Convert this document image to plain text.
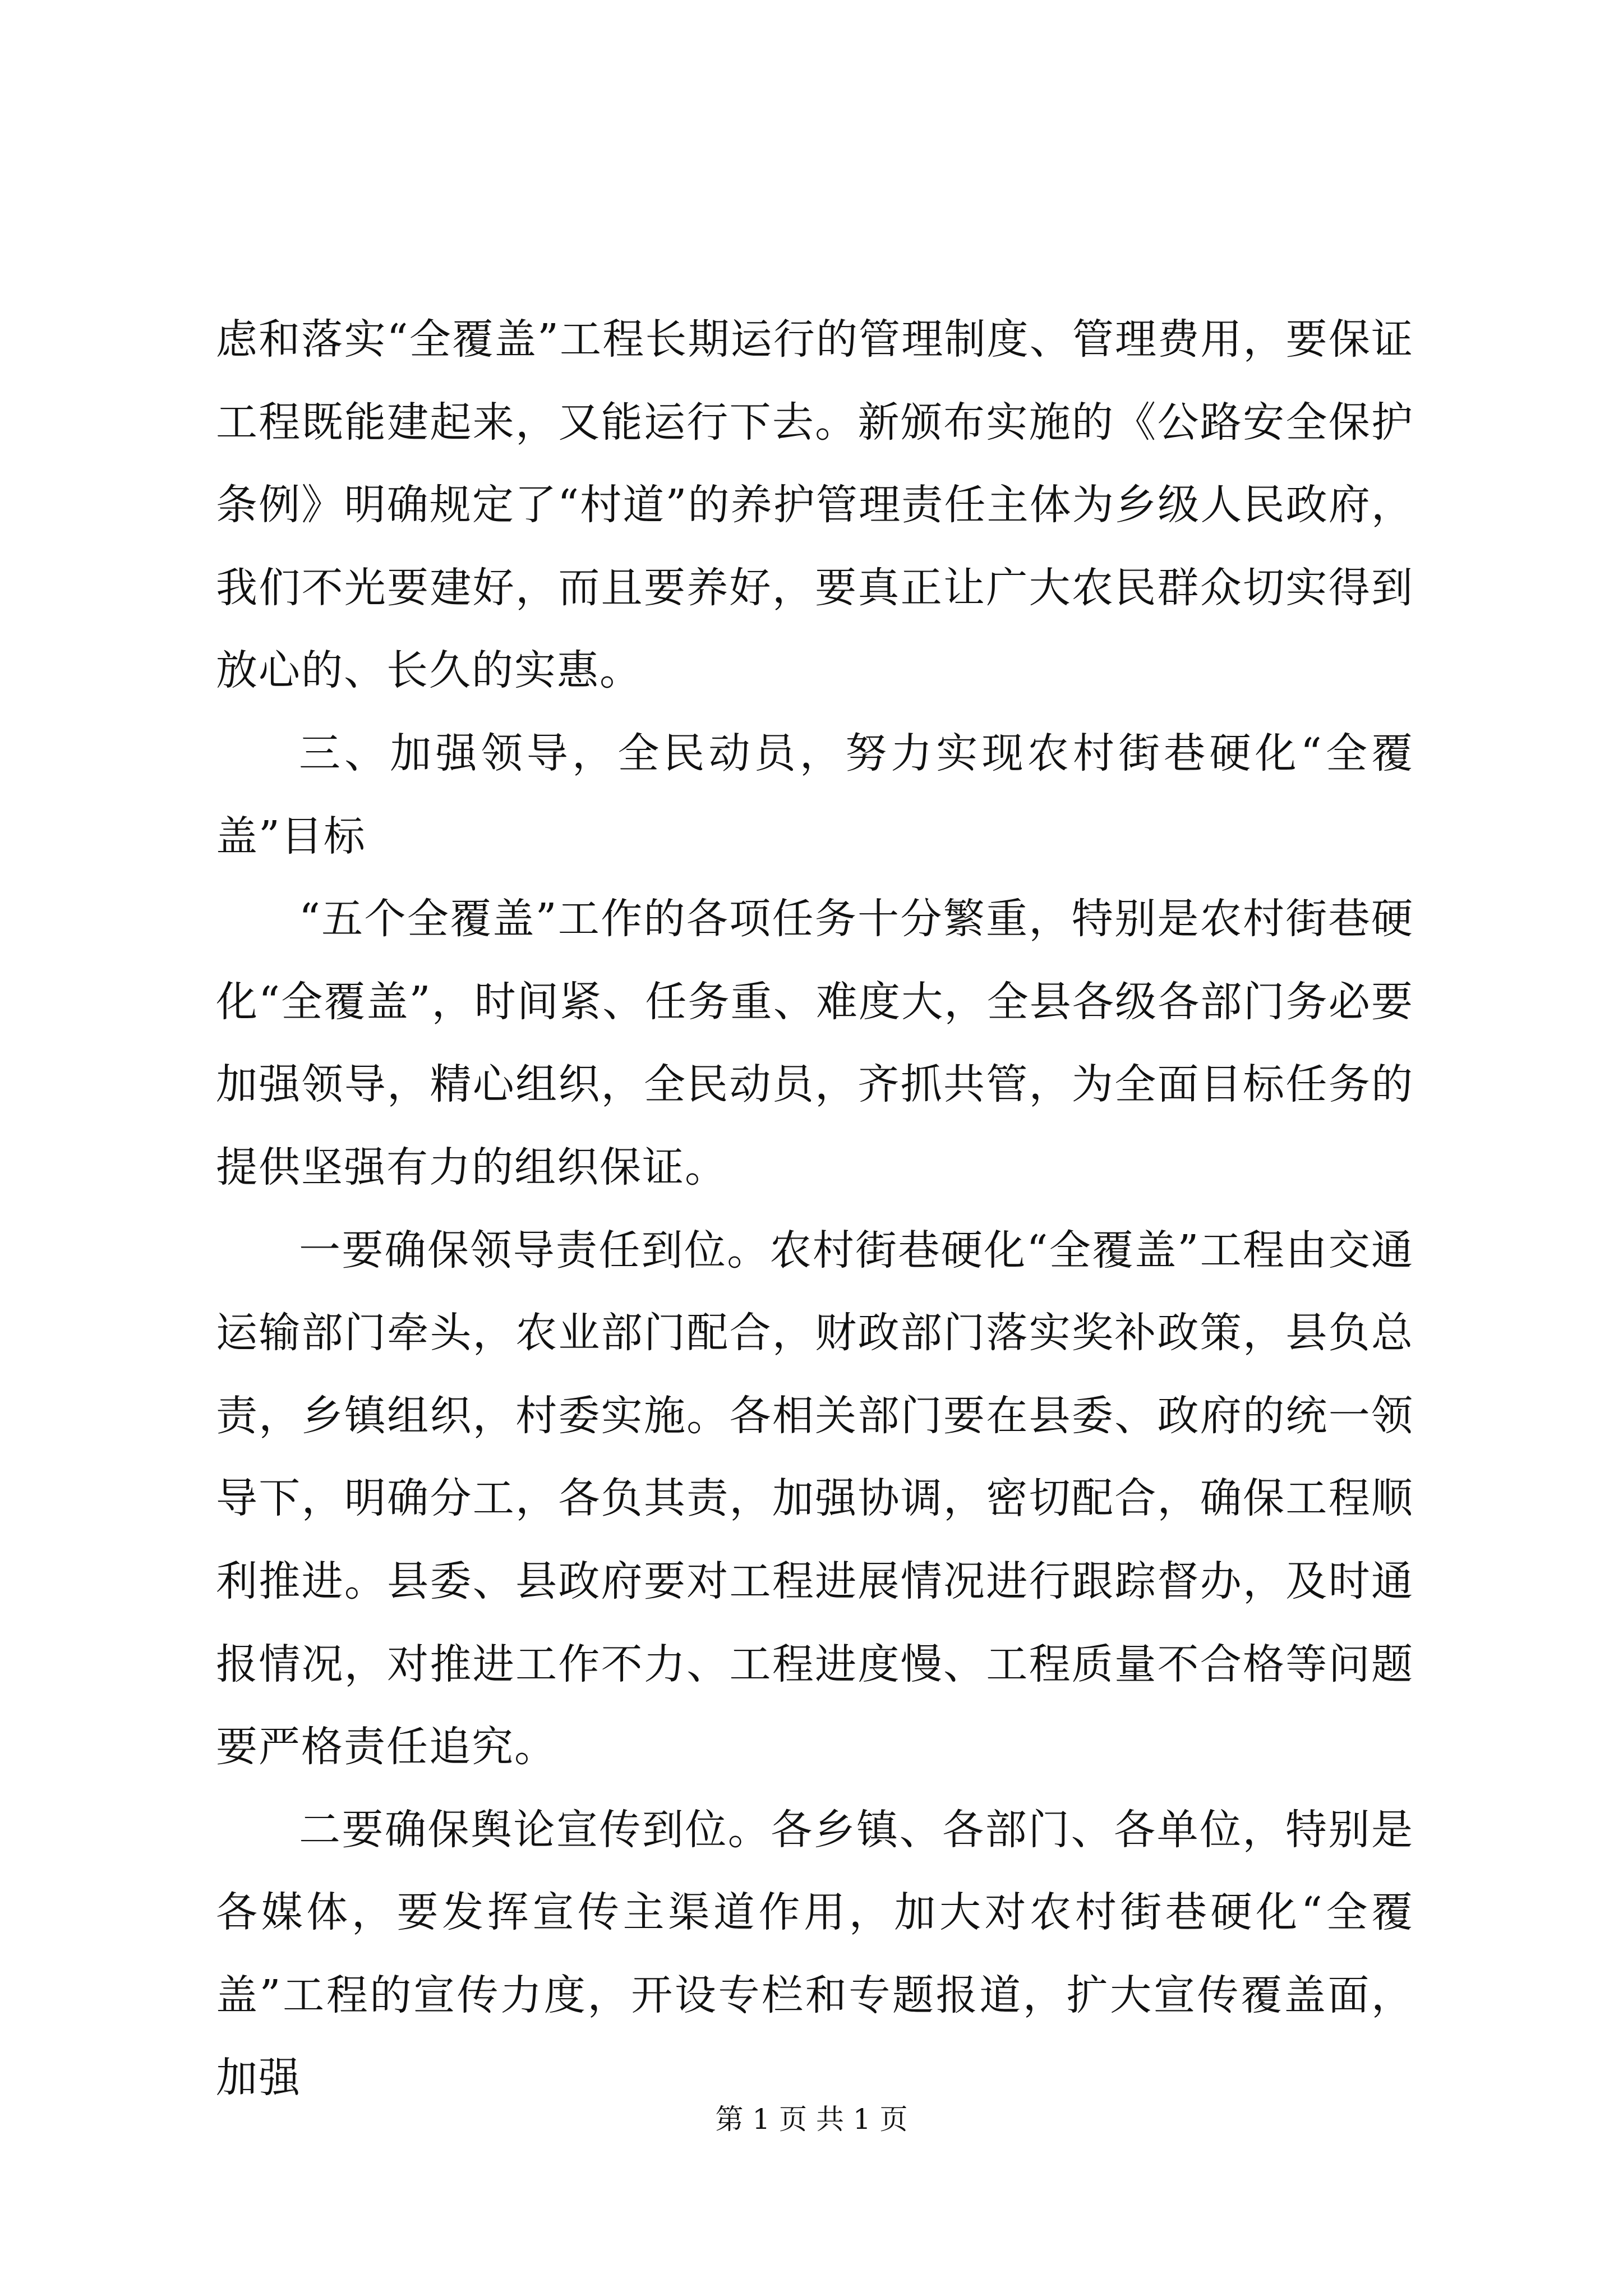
虑和落实“全覆盖”工程长期运行的管理制度、管理费用，要保证工程既能建起来，又能运行下去。新颁布实施的《公路安全保护条例》明确规定了“村道”的养护管理责任主体为乡级人民政府，我们不光要建好，而且要养好，要真正让广大农民群众切实得到放心的、长久的实惠。

三、加强领导，全民动员，努力实现农村街巷硬化“全覆盖”目标

“五个全覆盖”工作的各项任务十分繁重，特别是农村街巷硬化“全覆盖”，时间紧、任务重、难度大，全县各级各部门务必要加强领导，精心组织，全民动员，齐抓共管，为全面目标任务的提供坚强有力的组织保证。

一要确保领导责任到位。农村街巷硬化“全覆盖”工程由交通运输部门牵头，农业部门配合，财政部门落实奖补政策，县负总责，乡镇组织，村委实施。各相关部门要在县委、政府的统一领导下，明确分工，各负其责，加强协调，密切配合，确保工程顺利推进。县委、县政府要对工程进展情况进行跟踪督办，及时通报情况，对推进工作不力、工程进度慢、工程质量不合格等问题要严格责任追究。

二要确保舆论宣传到位。各乡镇、各部门、各单位，特别是各媒体，要发挥宣传主渠道作用，加大对农村街巷硬化“全覆盖”工程的宣传力度，开设专栏和专题报道，扩大宣传覆盖面，加强

第 1 页 共 1 页
